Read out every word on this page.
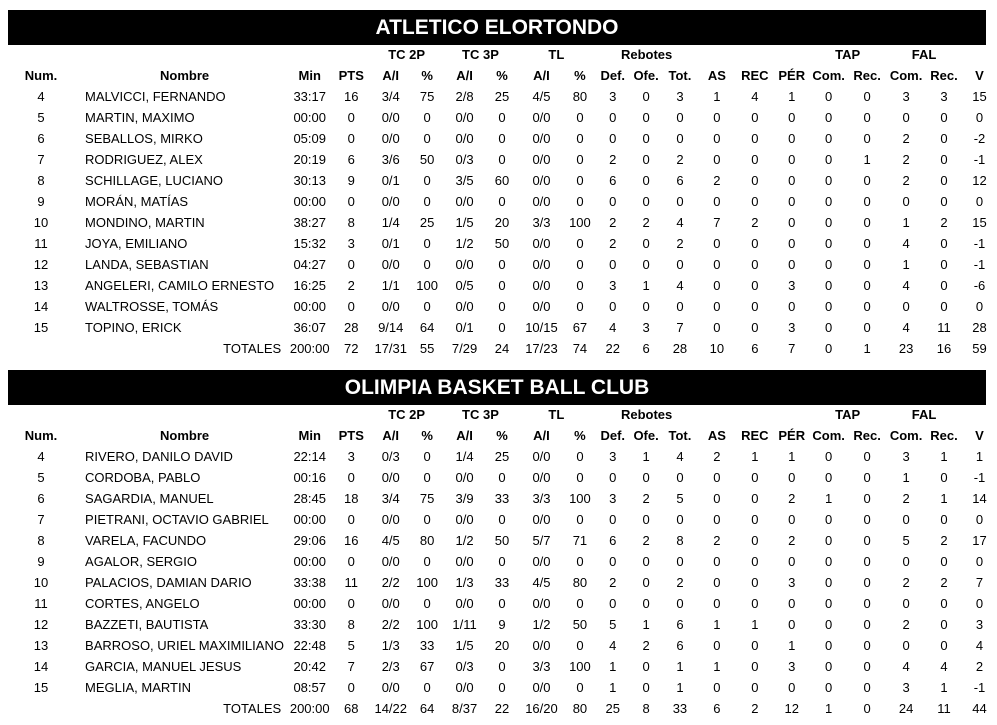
ATLETICO ELORTONDO
				TC 2P		TC 3P		TL		Rebotes						TAP		FAL		
Num.	Nombre	Min	PTS	A/I	%	A/I	%	A/I	%	Def.	Ofe.	Tot.	AS	REC	PÉR	Com.	Rec.	Com.	Rec.	V
4	MALVICCI, FERNANDO	33:17	16	3/4	75	2/8	25	4/5	80	3	0	3	1	4	1	0	0	3	3	15
5	MARTIN, MAXIMO	00:00	0	0/0	0	0/0	0	0/0	0	0	0	0	0	0	0	0	0	0	0	0
6	SEBALLOS, MIRKO	05:09	0	0/0	0	0/0	0	0/0	0	0	0	0	0	0	0	0	0	2	0	-2
7	RODRIGUEZ, ALEX	20:19	6	3/6	50	0/3	0	0/0	0	2	0	2	0	0	0	0	1	2	0	-1
8	SCHILLAGE, LUCIANO	30:13	9	0/1	0	3/5	60	0/0	0	6	0	6	2	0	0	0	0	2	0	12
9	MORÁN, MATÍAS	00:00	0	0/0	0	0/0	0	0/0	0	0	0	0	0	0	0	0	0	0	0	0
10	MONDINO, MARTIN	38:27	8	1/4	25	1/5	20	3/3	100	2	2	4	7	2	0	0	0	1	2	15
11	JOYA, EMILIANO	15:32	3	0/1	0	1/2	50	0/0	0	2	0	2	0	0	0	0	0	4	0	-1
12	LANDA, SEBASTIAN	04:27	0	0/0	0	0/0	0	0/0	0	0	0	0	0	0	0	0	0	1	0	-1
13	ANGELERI, CAMILO ERNESTO	16:25	2	1/1	100	0/5	0	0/0	0	3	1	4	0	0	3	0	0	4	0	-6
14	WALTROSSE, TOMÁS	00:00	0	0/0	0	0/0	0	0/0	0	0	0	0	0	0	0	0	0	0	0	0
15	TOPINO, ERICK	36:07	28	9/14	64	0/1	0	10/15	67	4	3	7	0	0	3	0	0	4	11	28
	TOTALES	200:00	72	17/31	55	7/29	24	17/23	74	22	6	28	10	6	7	0	1	23	16	59
OLIMPIA BASKET BALL CLUB
				TC 2P		TC 3P		TL		Rebotes						TAP		FAL		
Num.	Nombre	Min	PTS	A/I	%	A/I	%	A/I	%	Def.	Ofe.	Tot.	AS	REC	PÉR	Com.	Rec.	Com.	Rec.	V
4	RIVERO, DANILO DAVID	22:14	3	0/3	0	1/4	25	0/0	0	3	1	4	2	1	1	0	0	3	1	1
5	CORDOBA, PABLO	00:16	0	0/0	0	0/0	0	0/0	0	0	0	0	0	0	0	0	0	1	0	-1
6	SAGARDIA, MANUEL	28:45	18	3/4	75	3/9	33	3/3	100	3	2	5	0	0	2	1	0	2	1	14
7	PIETRANI, OCTAVIO GABRIEL	00:00	0	0/0	0	0/0	0	0/0	0	0	0	0	0	0	0	0	0	0	0	0
8	VARELA, FACUNDO	29:06	16	4/5	80	1/2	50	5/7	71	6	2	8	2	0	2	0	0	5	2	17
9	AGALOR, SERGIO	00:00	0	0/0	0	0/0	0	0/0	0	0	0	0	0	0	0	0	0	0	0	0
10	PALACIOS, DAMIAN DARIO	33:38	11	2/2	100	1/3	33	4/5	80	2	0	2	0	0	3	0	0	2	2	7
11	CORTES, ANGELO	00:00	0	0/0	0	0/0	0	0/0	0	0	0	0	0	0	0	0	0	0	0	0
12	BAZZETI, BAUTISTA	33:30	8	2/2	100	1/11	9	1/2	50	5	1	6	1	1	0	0	0	2	0	3
13	BARROSO, URIEL MAXIMILIANO	22:48	5	1/3	33	1/5	20	0/0	0	4	2	6	0	0	1	0	0	0	0	4
14	GARCIA, MANUEL JESUS	20:42	7	2/3	67	0/3	0	3/3	100	1	0	1	1	0	3	0	0	4	4	2
15	MEGLIA, MARTIN	08:57	0	0/0	0	0/0	0	0/0	0	1	0	1	0	0	0	0	0	3	1	-1
	TOTALES	200:00	68	14/22	64	8/37	22	16/20	80	25	8	33	6	2	12	1	0	24	11	44
